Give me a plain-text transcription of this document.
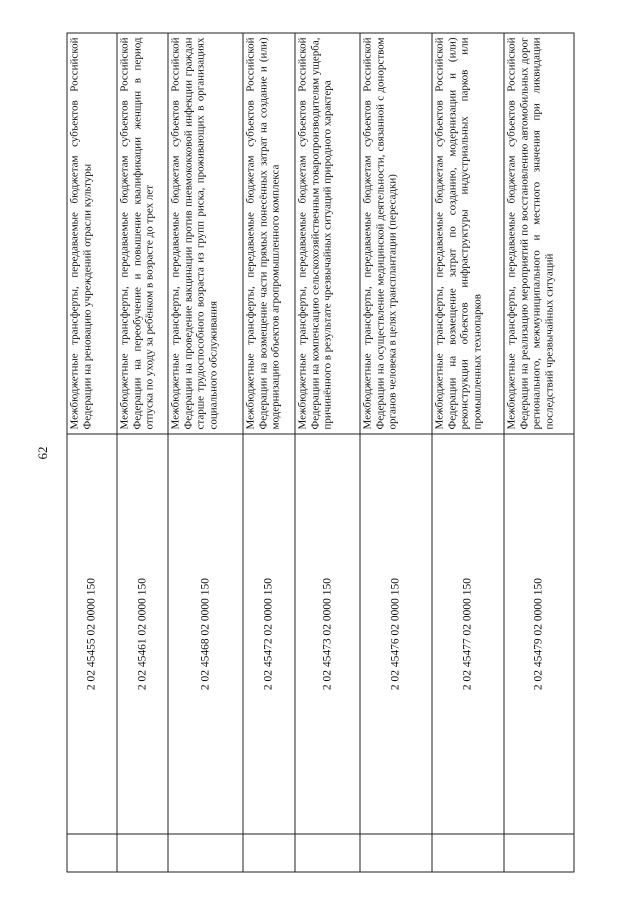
62
	2 02 45455 02 0000 150	Межбюджетные трансферты, передаваемые бюджетам субъектов Российской Федерации на реновацию учреждений отрасли культуры
	2 02 45461 02 0000 150	Межбюджетные трансферты, передаваемые бюджетам субъектов Российской Федерации на переобучение и повышение квалификации женщин в период отпуска по уходу за ребёнком в возрасте до трех лет
	2 02 45468 02 0000 150	Межбюджетные трансферты, передаваемые бюджетам субъектов Российской Федерации на проведение вакцинации против пневмококковой инфекции граждан старше трудоспособного возраста из групп риска, проживающих в организациях социального обслуживания
	2 02 45472 02 0000 150	Межбюджетные трансферты, передаваемые бюджетам субъектов Российской Федерации на возмещение части прямых понесённых затрат на создание и (или) модернизацию объектов агропромышленного комплекса
	2 02 45473 02 0000 150	Межбюджетные трансферты, передаваемые бюджетам субъектов Российской Федерации на компенсацию сельскохозяйственным товаропроизводителям ущерба, причинённого в результате чрезвычайных ситуаций природного характера
	2 02 45476 02 0000 150	Межбюджетные трансферты, передаваемые бюджетам субъектов Российской Федерации на осуществление медицинской деятельности, связанной с донорством органов человека в целях трансплантации (пересадки)
	2 02 45477 02 0000 150	Межбюджетные трансферты, передаваемые бюджетам субъектов Российской Федерации на возмещение затрат по созданию, модернизации и (или) реконструкции объектов инфраструктуры индустриальных парков или промышленных технопарков
	2 02 45479 02 0000 150	Межбюджетные трансферты, передаваемые бюджетам субъектов Российской Федерации на реализацию мероприятий по восстановлению автомобильных дорог регионального, межмуниципального и местного значения при ликвидации последствий чрезвычайных ситуаций
